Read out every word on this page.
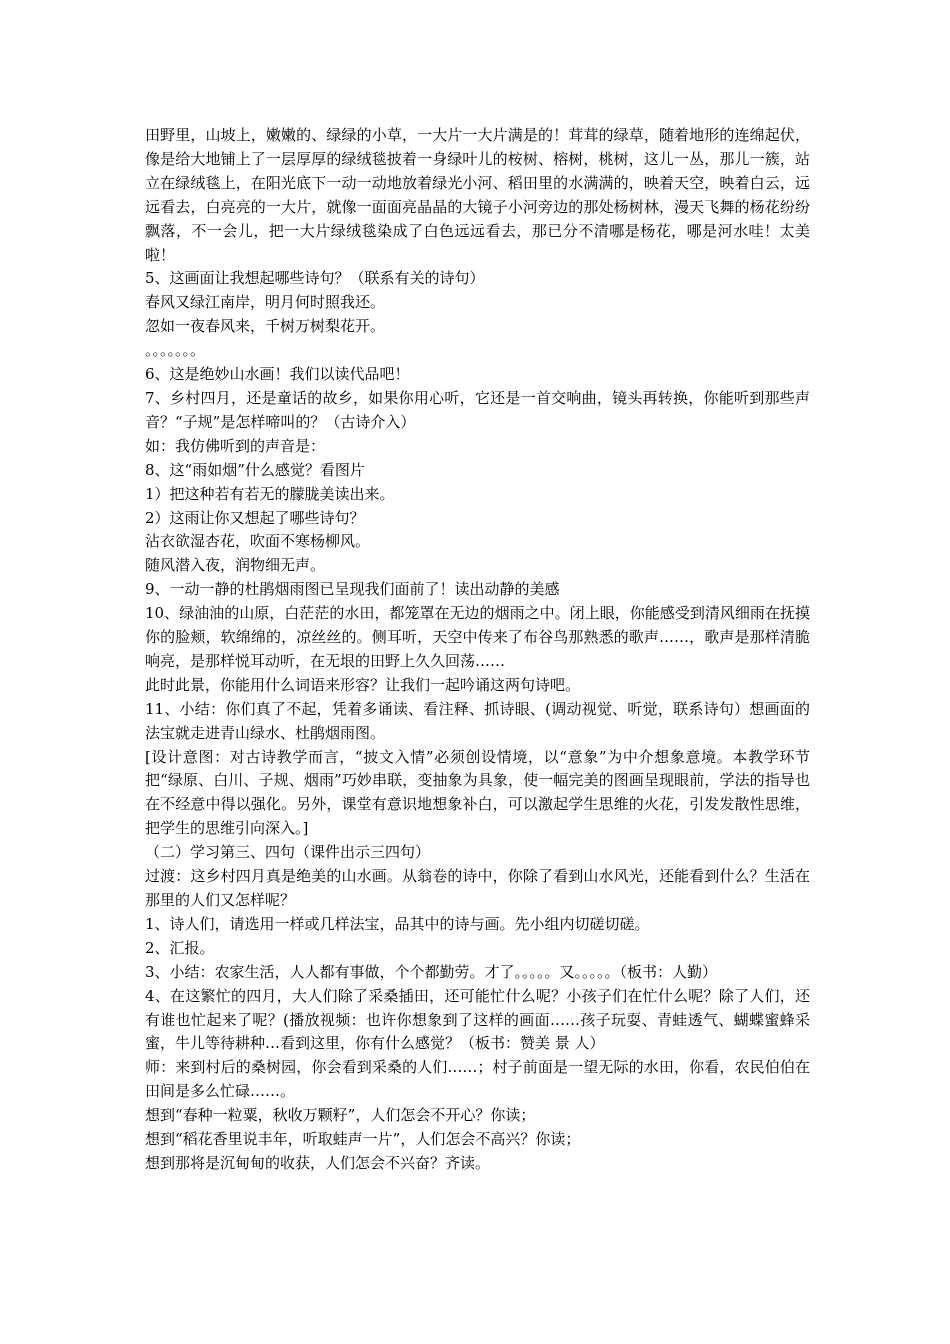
田野里，山坡上，嫩嫩的、绿绿的小草，一大片一大片满是的！茸茸的绿草，随着地形的连绵起伏，像是给大地铺上了一层厚厚的绿绒毯披着一身绿叶儿的桉树、榕树，桃树，这儿一丛，那儿一簇，站立在绿绒毯上，在阳光底下一动一动地放着绿光小河、稻田里的水满满的，映着天空，映着白云，远远看去，白亮亮的一大片，就像一面面亮晶晶的大镜子小河旁边的那处杨树林，漫天飞舞的杨花纷纷飘落，不一会儿，把一大片绿绒毯染成了白色远远看去，那已分不清哪是杨花，哪是河水哇！太美啦！

5、这画面让我想起哪些诗句？（联系有关的诗句）

春风又绿江南岸，明月何时照我还。

忽如一夜春风来，千树万树梨花开。

。。。。。。。

6、这是绝妙山水画！我们以读代品吧！

7、乡村四月，还是童话的故乡，如果你用心听，它还是一首交响曲，镜头再转换，你能听到那些声音？“子规”是怎样啼叫的？（古诗介入）

如：我仿佛听到的声音是：

8、这“雨如烟”什么感觉？看图片

1）把这种若有若无的朦胧美读出来。

2）这雨让你又想起了哪些诗句？

沾衣欲湿杏花，吹面不寒杨柳风。

随风潜入夜，润物细无声。

9、一动一静的杜鹃烟雨图已呈现我们面前了！读出动静的美感

10、绿油油的山原，白茫茫的水田，都笼罩在无边的烟雨之中。闭上眼，你能感受到清风细雨在抚摸你的脸颊，软绵绵的，凉丝丝的。侧耳听，天空中传来了布谷鸟那熟悉的歌声……，歌声是那样清脆响亮，是那样悦耳动听，在无垠的田野上久久回荡……

此时此景，你能用什么词语来形容？让我们一起吟诵这两句诗吧。

11、小结：你们真了不起，凭着多诵读、看注释、抓诗眼、(调动视觉、听觉，联系诗句）想画面的法宝就走进青山绿水、杜鹃烟雨图。

[设计意图：对古诗教学而言，“披文入情”必须创设情境，以“意象”为中介想象意境。本教学环节把“绿原、白川、子规、烟雨”巧妙串联，变抽象为具象，使一幅完美的图画呈现眼前，学法的指导也在不经意中得以强化。另外，课堂有意识地想象补白，可以激起学生思维的火花，引发发散性思维，把学生的思维引向深入。]

（二）学习第三、四句（课件出示三四句）

过渡：这乡村四月真是绝美的山水画。从翁卷的诗中，你除了看到山水风光，还能看到什么？生活在那里的人们又怎样呢？

1、诗人们，请选用一样或几样法宝，品其中的诗与画。先小组内切磋切磋。

2、汇报。

3、小结：农家生活，人人都有事做，个个都勤劳。才了。。。。。又。。。。。（板书：人勤）

4、在这繁忙的四月，大人们除了采桑插田，还可能忙什么呢？小孩子们在忙什么呢？除了人们，还有谁也忙起来了呢？(播放视频：也许你想象到了这样的画面……孩子玩耍、青蛙透气、蝴蝶蜜蜂采蜜，牛儿等待耕种…看到这里，你有什么感觉？（板书：赞美 景 人）

师：来到村后的桑树园，你会看到采桑的人们……；村子前面是一望无际的水田，你看，农民伯伯在田间是多么忙碌……。

想到“春种一粒粟，秋收万颗籽”，人们怎会不开心？你读；

想到“稻花香里说丰年，听取蛙声一片”，人们怎会不高兴？你读；

想到那将是沉甸甸的收获，人们怎会不兴奋？齐读。
